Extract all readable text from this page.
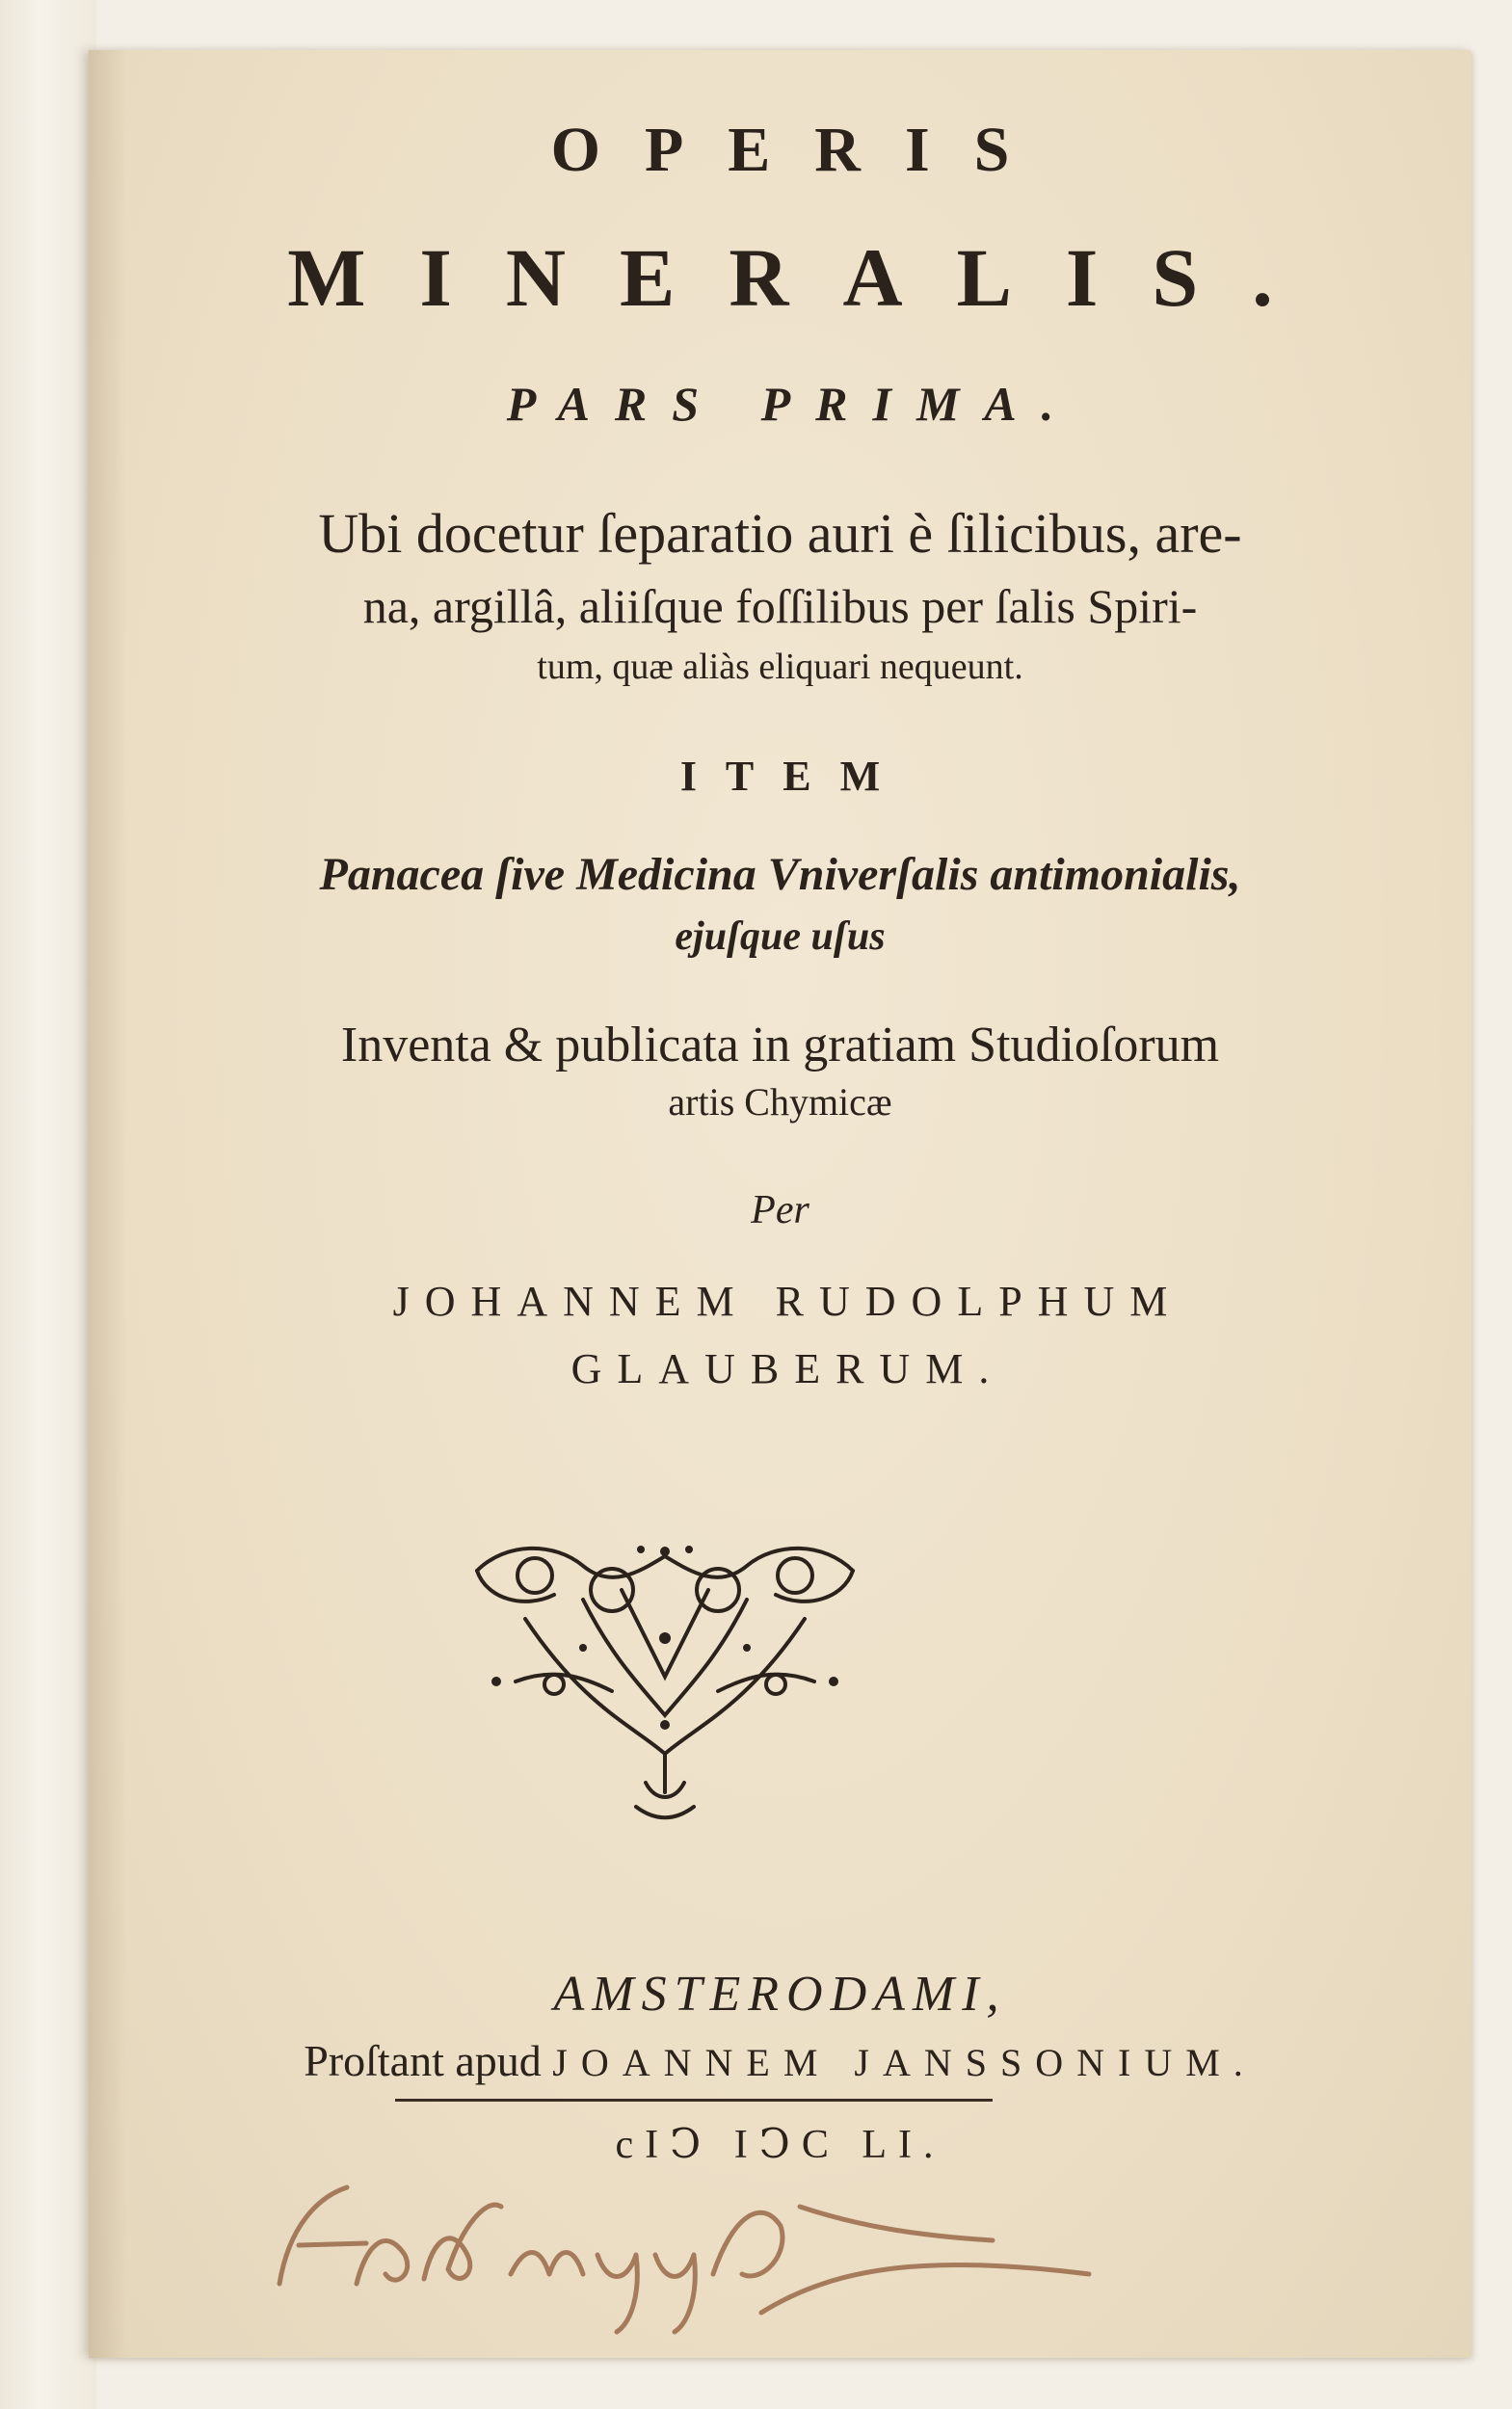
OPERIS
MINERALIS.
PARS PRIMA.
Ubi docetur ſeparatio auri è ſilicibus, are-
na, argillâ, aliiſque foſſilibus per ſalis Spiri-
tum, quæ aliàs eliquari nequeunt.
ITEM
Panacea ſive Medicina Vniverſalis antimonialis,
ejuſque uſus
Inventa & publicata in gratiam Studioſorum
artis Chymicæ
Per
JOHANNEM RUDOLPHUM
GLAUBERUM.
AMSTERODAMI,
Proſtant apud JOANNEM JANSSONIUM.
cIↃ IↃC LI.
